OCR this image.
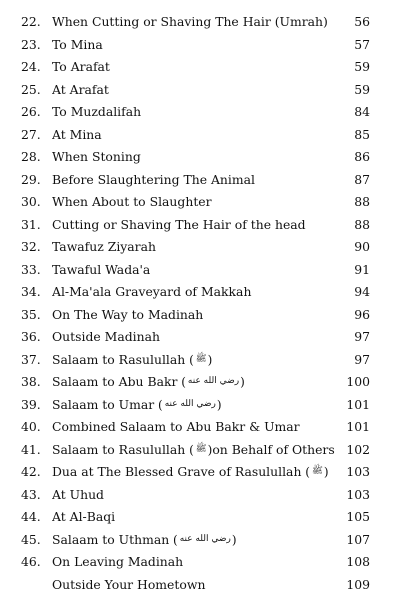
22. When Cutting or Shaving The Hair (Umrah)	56
23. To Mina	57
24. To Arafat	59
25. At Arafat	59
26. To Muzdalifah	84
27. At Mina	85
28. When Stoning	86
29. Before Slaughtering The Animal	87
30. When About to Slaughter	88
31. Cutting or Shaving The Hair of the head	88
32. Tawafuz Ziyarah	90
33. Tawaful Wada'a	91
34. Al-Ma'ala Graveyard of Makkah	94
35. On The Way to Madinah	96
36. Outside Madinah	97
37. Salaam to Rasulullah ( ﷺ)	97
38. Salaam to Abu Bakr ( رضي الله عنه)	100
39. Salaam to Umar ( رضي الله عنه)	101
40. Combined Salaam to Abu Bakr & Umar	101
41. Salaam to Rasulullah ( ﷺ)on Behalf of Others 102
42. Dua at The Blessed Grave of Rasulullah ( ﷺ)	103
43. At Uhud	103
44. At Al-Baqi	105
45. Salaam to Uthman ( رضي الله عنه)	107
46. On Leaving Madinah	108
Outside Your Hometown	109
